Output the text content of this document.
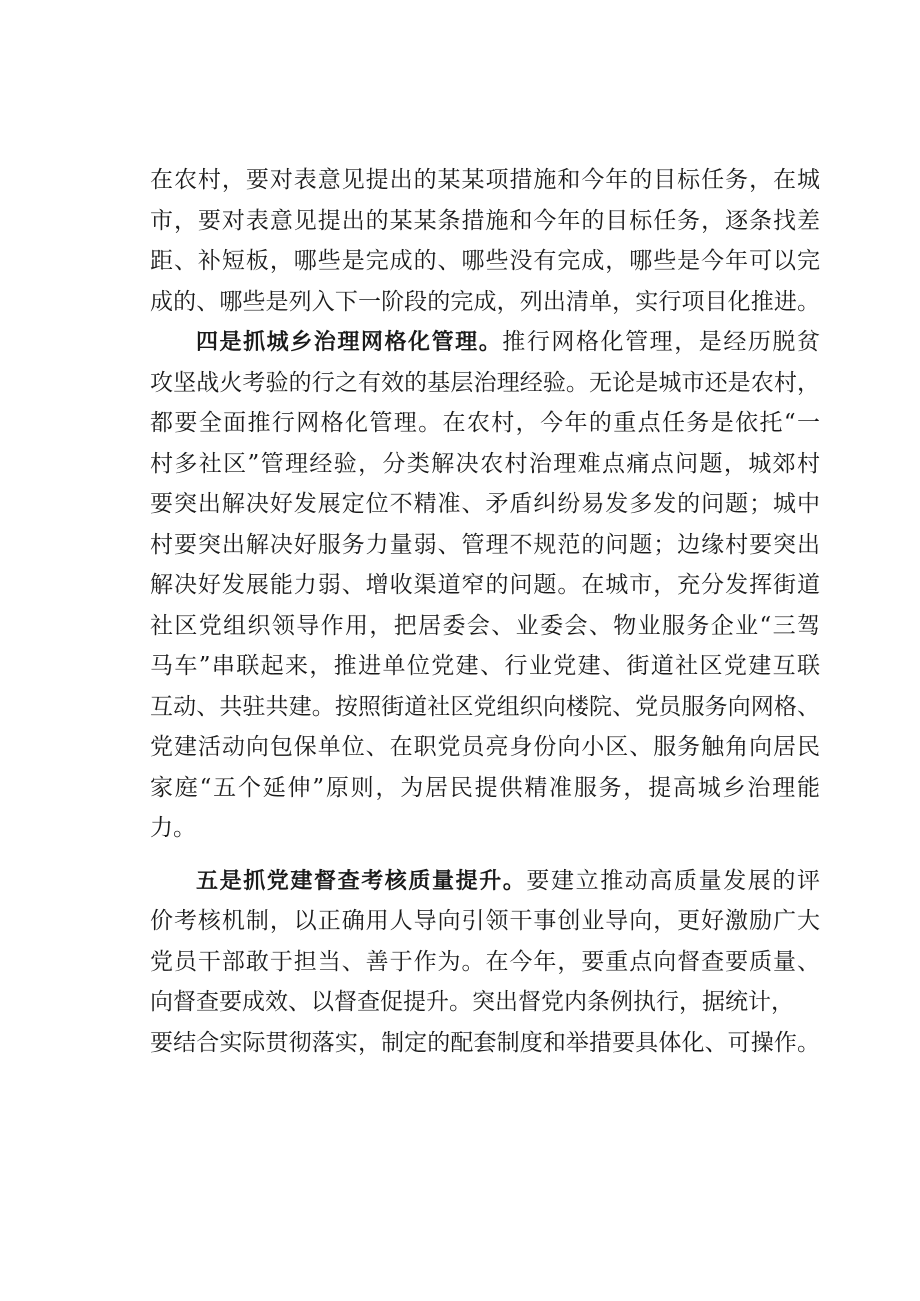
在农村，要对表意见提出的某某项措施和今年的目标任务，在城
市，要对表意见提出的某某条措施和今年的目标任务，逐条找差
距、补短板，哪些是完成的、哪些没有完成，哪些是今年可以完
成的、哪些是列入下一阶段的完成，列出清单，实行项目化推进。
四是抓城乡治理网格化管理。推行网格化管理，是经历脱贫
攻坚战火考验的行之有效的基层治理经验。无论是城市还是农村，
都要全面推行网格化管理。在农村，今年的重点任务是依托“一
村多社区”管理经验，分类解决农村治理难点痛点问题，城郊村
要突出解决好发展定位不精准、矛盾纠纷易发多发的问题；城中
村要突出解决好服务力量弱、管理不规范的问题；边缘村要突出
解决好发展能力弱、增收渠道窄的问题。在城市，充分发挥街道
社区党组织领导作用，把居委会、业委会、物业服务企业“三驾
马车”串联起来，推进单位党建、行业党建、街道社区党建互联
互动、共驻共建。按照街道社区党组织向楼院、党员服务向网格、
党建活动向包保单位、在职党员亮身份向小区、服务触角向居民
家庭“五个延伸”原则，为居民提供精准服务，提高城乡治理能
力。
五是抓党建督查考核质量提升。要建立推动高质量发展的评
价考核机制，以正确用人导向引领干事创业导向，更好激励广大
党员干部敢于担当、善于作为。在今年，要重点向督查要质量、
向督查要成效、以督查促提升。突出督党内条例执行，据统计，
要结合实际贯彻落实，制定的配套制度和举措要具体化、可操作。
